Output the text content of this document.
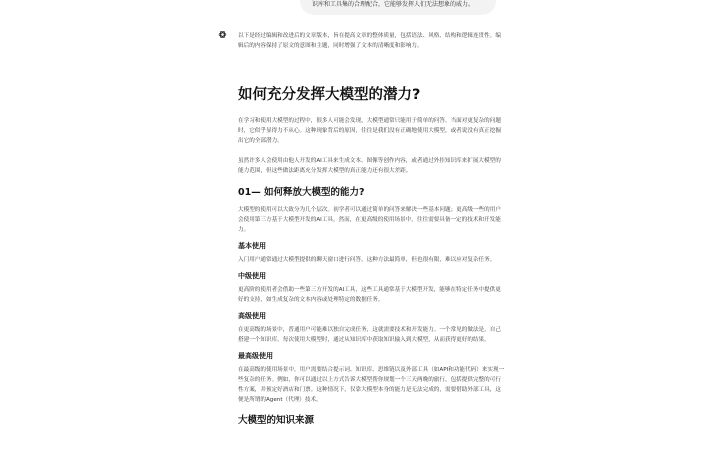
识库和工具集的合理配合，它能够发挥人们无法想象的威力。
以下是经过编辑和改进后的文章版本，旨在提高文章的整体质量，包括语法、风格、结构和逻辑连贯性。编辑后的内容保持了原文的意图和主题，同时增强了文本的清晰度和影响力。
如何充分发挥大模型的潜力?

在学习和使用大模型的过程中，很多人可能会发现，大模型通常只能用于简单的问答。当面对更复杂的问题时，它似乎显得力不从心。这种现象背后的原因，往往是我们没有正确地使用大模型，或者说没有真正挖掘出它的全部潜力。

虽然许多人会使用由他人开发的AI工具来生成文本、图像等创作内容，或者通过外挂知识库来扩展大模型的能力范围，但这些做法距离充分发挥大模型的真正能力还有很大差距。

01— 如何释放大模型的能力?

大模型的使用可以大致分为几个层次。初学者可以通过简单的问答来解决一些基本问题；更高级一些的用户会使用第三方基于大模型开发的AI工具。然而，在更高级的使用场景中，往往需要具备一定的技术和开发能力。

基本使用

入门用户通常通过大模型提供的聊天窗口进行问答，这种方法最简单，但也很有限，难以应对复杂任务。

中级使用

更高阶的使用者会借助一些第三方开发的AI工具，这些工具通常基于大模型开发，能够在特定任务中提供更好的支持，如生成复杂的文本内容或处理特定的数据任务。

高级使用

在更高级的场景中，普通用户可能难以独自完成任务，这就需要技术和开发能力。一个常见的做法是，自己搭建一个知识库，每次使用大模型时，通过从知识库中获取知识输入到大模型，从而获得更好的结果。

最高级使用

在最高级的使用场景中，用户需要结合提示词、知识库、思维链以及外部工具（如API和功能代码）来实现一些复杂的任务。例如，你可以通过以上方式告诉大模型帮你规划一个三天两晚的旅行，包括提供完整的可行性方案，并预定好酒店和门票。这种情况下，仅靠大模型本身的能力是无法完成的，需要借助外部工具，这便是所谓的Agent（代理）技术。

大模型的知识来源
